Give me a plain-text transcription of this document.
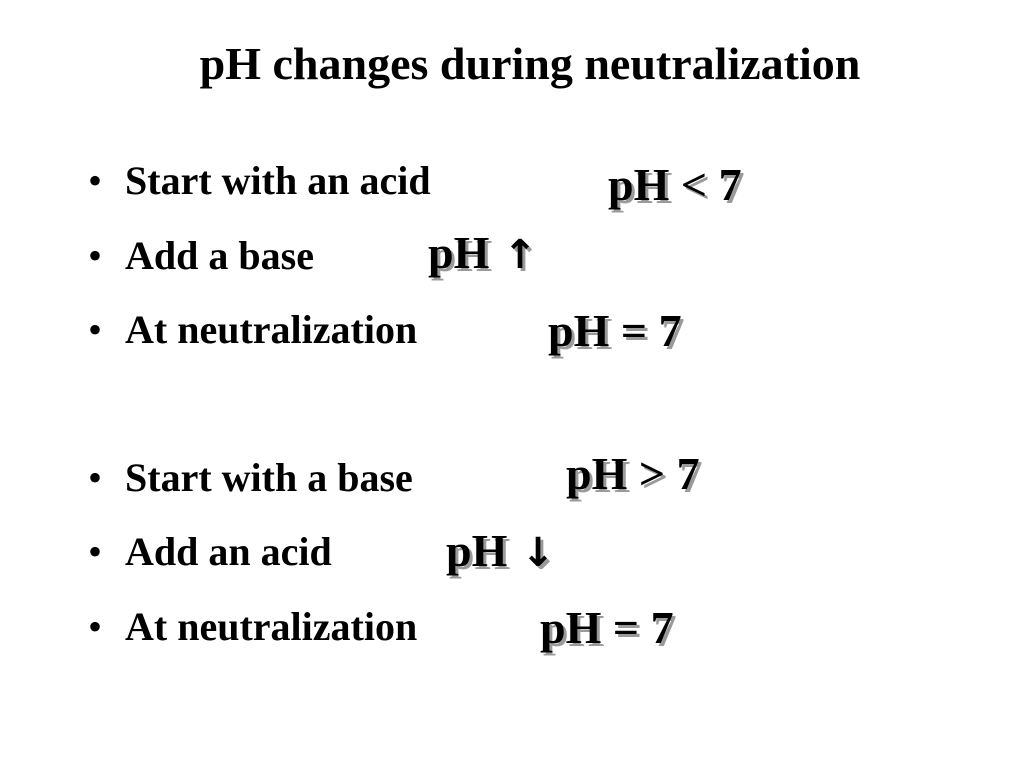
pH changes during neutralization
• Start with an acid	pH < 7
• Add a base pH ↑
• At neutralization	pH = 7
• Start with a base	pH > 7
• Add an acid pH ↓
• At neutralization	pH = 7
